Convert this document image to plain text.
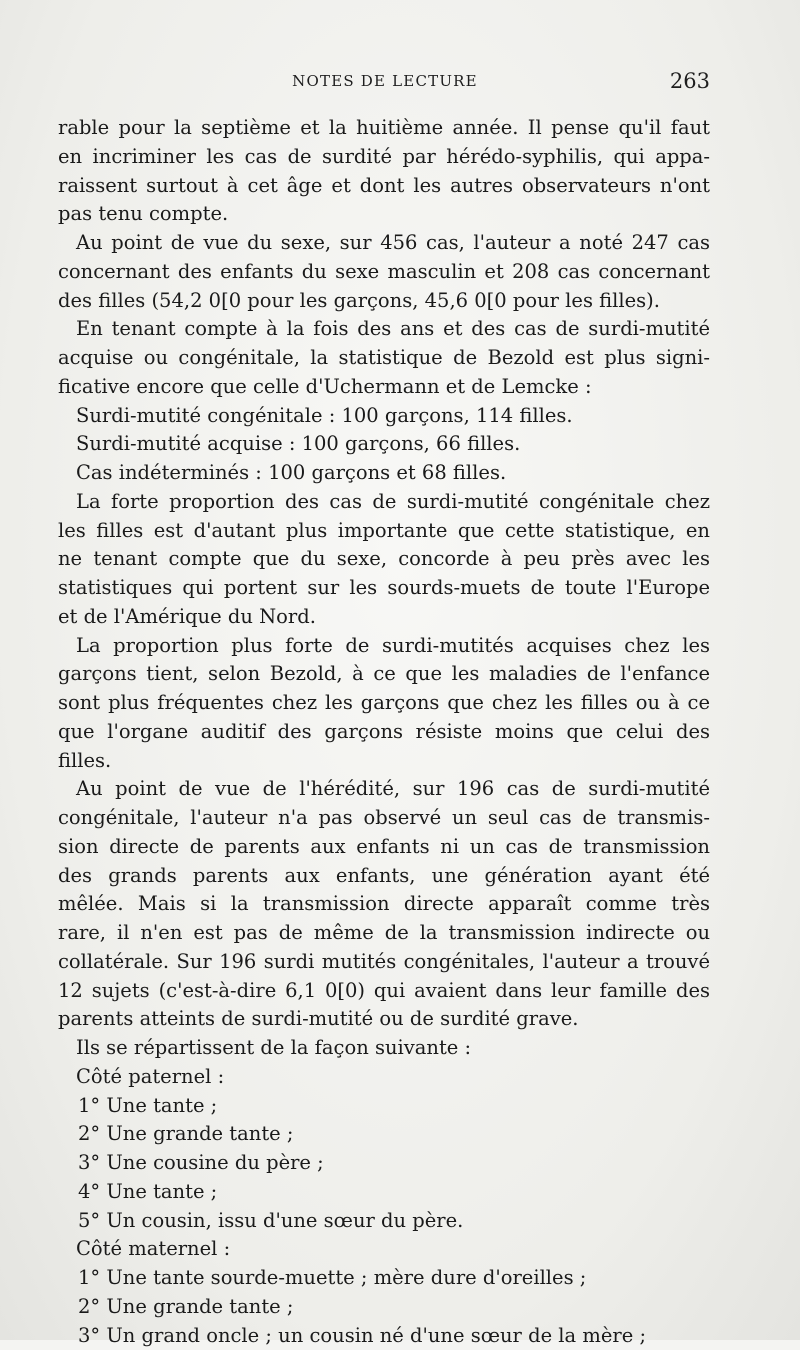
NOTES DE LECTURE	263
rable pour la septième et la huitième année. Il pense qu'il faut
en incriminer les cas de surdité par hérédo-syphilis, qui appa-
raissent surtout à cet âge et dont les autres observateurs n'ont
pas tenu compte.
Au point de vue du sexe, sur 456 cas, l'auteur a noté 247 cas
concernant des enfants du sexe masculin et 208 cas concernant
des filles (54,2 0[0 pour les garçons, 45,6 0[0 pour les filles).
En tenant compte à la fois des ans et des cas de surdi-mutité
acquise ou congénitale, la statistique de Bezold est plus signi-
ficative encore que celle d'Uchermann et de Lemcke :
Surdi-mutité congénitale : 100 garçons, 114 filles.
Surdi-mutité acquise : 100 garçons, 66 filles.
Cas indéterminés : 100 garçons et 68 filles.
La forte proportion des cas de surdi-mutité congénitale chez
les filles est d'autant plus importante que cette statistique, en
ne tenant compte que du sexe, concorde à peu près avec les
statistiques qui portent sur les sourds-muets de toute l'Europe
et de l'Amérique du Nord.
La proportion plus forte de surdi-mutités acquises chez les
garçons tient, selon Bezold, à ce que les maladies de l'enfance
sont plus fréquentes chez les garçons que chez les filles ou à ce
que l'organe auditif des garçons résiste moins que celui des
filles.
Au point de vue de l'hérédité, sur 196 cas de surdi-mutité
congénitale, l'auteur n'a pas observé un seul cas de transmis-
sion directe de parents aux enfants ni un cas de transmission
des grands parents aux enfants, une génération ayant été
mêlée. Mais si la transmission directe apparaît comme très
rare, il n'en est pas de même de la transmission indirecte ou
collatérale. Sur 196 surdi mutités congénitales, l'auteur a trouvé
12 sujets (c'est-à-dire 6,1 0[0) qui avaient dans leur famille des
parents atteints de surdi-mutité ou de surdité grave.
Ils se répartissent de la façon suivante :
Côté paternel :
1° Une tante ;
2° Une grande tante ;
3° Une cousine du père ;
4° Une tante ;
5° Un cousin, issu d'une sœur du père.
Côté maternel :
1° Une tante sourde-muette ; mère dure d'oreilles ;
2° Une grande tante ;
3° Un grand oncle ; un cousin né d'une sœur de la mère ;
